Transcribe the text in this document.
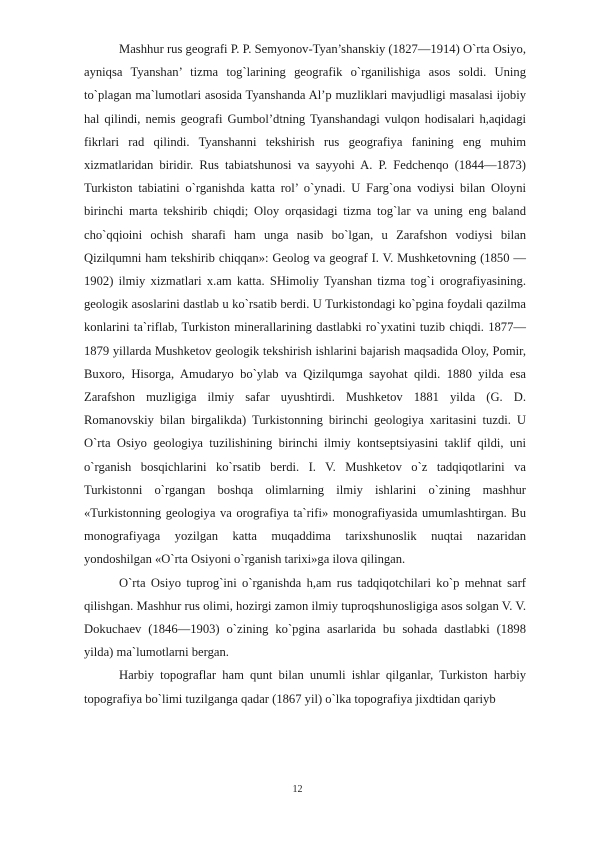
Mashhur rus geografi P. P. Semyonov-Tyan’shanskiy (1827—1914) O`rta Osiyo, ayniqsa Tyanshan’ tizma tog`larining geografik o`rganilishiga asos soldi. Uning to`plagan ma`lumotlari asosida Tyanshanda Al’p muzliklari mavjudligi masalasi ijobiy hal qilindi, nemis geografi Gumbol’dtning Tyanshandagi vulqon hodisalari h,aqidagi fikrlari rad qilindi. Tyanshanni tekshirish rus geografiya fanining eng muhim xizmatlaridan biridir. Rus tabiatshunosi va sayyohi A. P. Fedchenqo (1844—1873) Turkiston tabiatini o`rganishda katta rol’ o`ynadi. U Farg`ona vodiysi bilan Oloyni birinchi marta tekshirib chiqdi; Oloy orqasidagi tizma tog`lar va uning eng baland cho`qqioini ochish sharafi ham unga nasib bo`lgan, u Zarafshon vodiysi bilan Qizilqumni ham tekshirib chiqqan»: Geolog va geograf I. V. Mushketovning (1850 — 1902) ilmiy xizmatlari x.am katta. SHimoliy Tyanshan tizma tog`i orografiyasining. geologik asoslarini dastlab u ko`rsatib berdi. U Turkistondagi ko`pgina foydali qazilma konlarini ta`riflab, Turkiston minerallarining dastlabki ro`yxatini tuzib chiqdi. 1877—1879 yillarda Mushketov geologik tekshirish ishlarini bajarish maqsadida Oloy, Pomir, Buxoro, Hisorga, Amudaryo bo`ylab va Qizilqumga sayohat qildi. 1880 yilda esa Zarafshon muzligiga ilmiy safar uyushtirdi. Mushketov 1881 yilda (G. D. Romanovskiy bilan birgalikda) Turkistonning birinchi geologiya xaritasini tuzdi. U O`rta Osiyo geologiya tuzilishining birinchi ilmiy kontseptsiyasini taklif qildi, uni o`rganish bosqichlarini ko`rsatib berdi. I. V. Mushketov o`z tadqiqotlarini va Turkistonni o`rgangan boshqa olimlarning ilmiy ishlarini o`zining mashhur «Turkistonning geologiya va orografiya ta`rifi» monografiyasida umumlashtirgan. Bu monografiyaga yozilgan katta muqaddima tarixshunoslik nuqtai nazaridan yondoshilgan «O`rta Osiyoni o`rganish tarixi»ga ilova qilingan.

O`rta Osiyo tuprog`ini o`rganishda h,am rus tadqiqotchilari ko`p mehnat sarf qilishgan. Mashhur rus olimi, hozirgi zamon ilmiy tuproqshunosligiga asos solgan V. V. Dokuchaev (1846—1903) o`zining ko`pgina asarlarida bu sohada dastlabki (1898 yilda) ma`lumotlarni bergan.

Harbiy topograflar ham qunt bilan unumli ishlar qilganlar, Turkiston harbiy topografiya bo`limi tuzilganga qadar (1867 yil) o`lka topografiya jixdtidan qariyb

12
